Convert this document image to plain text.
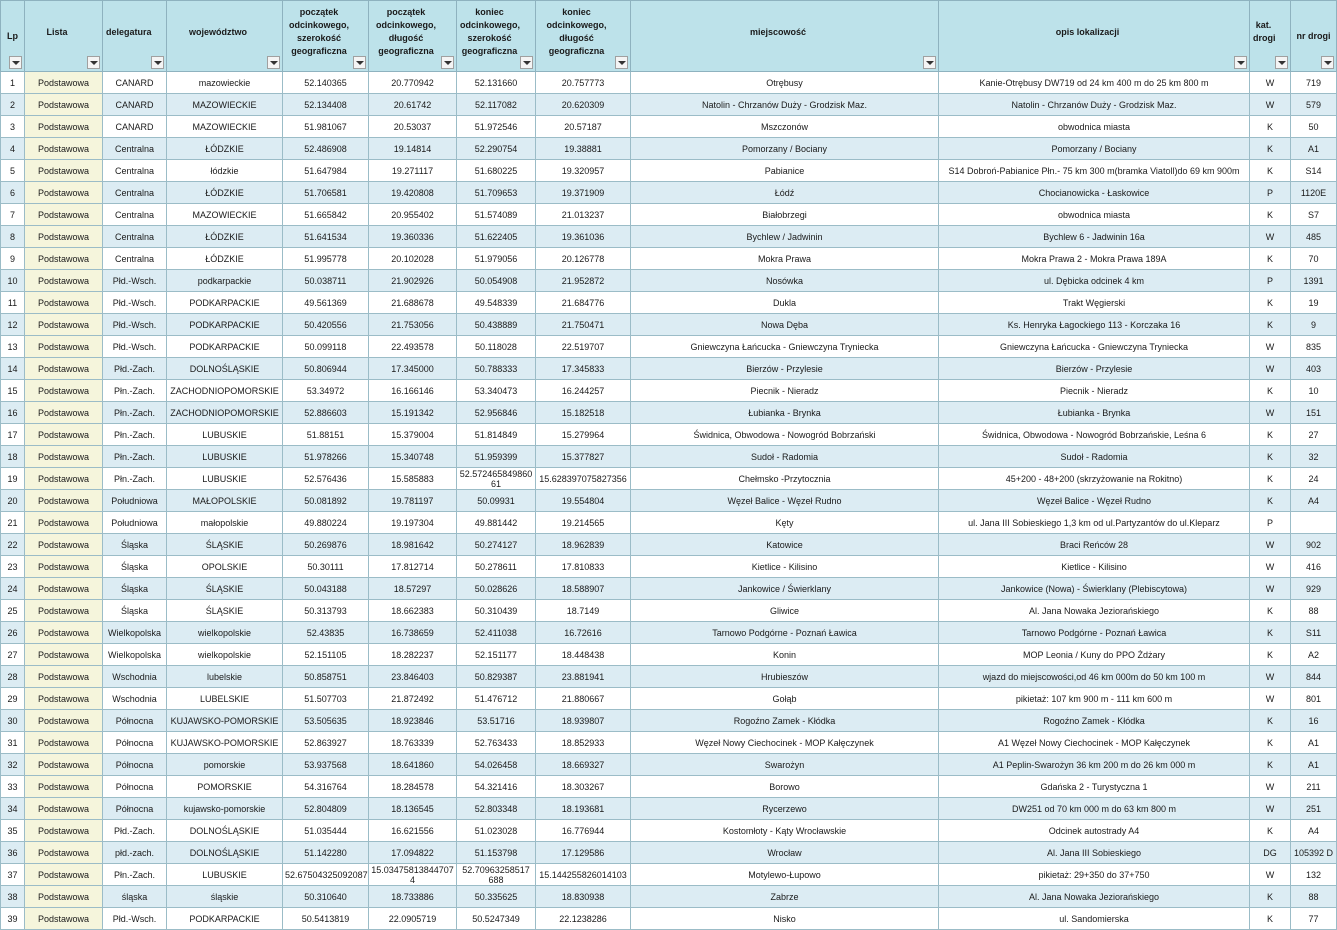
Lp	Lista	delegatura	województwo	początek odcinkowego, szerokość geograficzna	początek odcinkowego, długość geograficzna	koniec odcinkowego, szerokość geograficzna	koniec odcinkowego, długość geograficzna	miejscowość	opis lokalizacji	kat. drogi	nr drogi

1	Podstawowa	CANARD	mazowieckie	52.140365	20.770942	52.131660	20.757773	Otrębusy	Kanie-Otrębusy DW719 od 24 km 400 m do 25 km 800 m	W	719
2	Podstawowa	CANARD	MAZOWIECKIE	52.134408	20.61742	52.117082	20.620309	Natolin - Chrzanów Duży - Grodzisk Maz.	Natolin - Chrzanów Duży - Grodzisk Maz.	W	579
3	Podstawowa	CANARD	MAZOWIECKIE	51.981067	20.53037	51.972546	20.57187	Mszczonów	obwodnica miasta	K	50
4	Podstawowa	Centralna	ŁÓDZKIE	52.486908	19.14814	52.290754	19.38881	Pomorzany / Bociany	Pomorzany / Bociany	K	A1
5	Podstawowa	Centralna	łódzkie	51.647984	19.271117	51.680225	19.320957	Pabianice	S14 Dobroń-Pabianice Płn.- 75 km 300 m(bramka Viatoll)do 69 km 900m	K	S14
6	Podstawowa	Centralna	ŁÓDZKIE	51.706581	19.420808	51.709653	19.371909	Łódź	Chocianowicka - Łaskowice	P	1120E
7	Podstawowa	Centralna	MAZOWIECKIE	51.665842	20.955402	51.574089	21.013237	Białobrzegi	obwodnica miasta	K	S7
8	Podstawowa	Centralna	ŁÓDZKIE	51.641534	19.360336	51.622405	19.361036	Bychlew / Jadwinin	Bychlew 6 - Jadwinin 16a	W	485
9	Podstawowa	Centralna	ŁÓDZKIE	51.995778	20.102028	51.979056	20.126778	Mokra Prawa	Mokra Prawa 2 - Mokra Prawa 189A	K	70
10	Podstawowa	Płd.-Wsch.	podkarpackie	50.038711	21.902926	50.054908	21.952872	Nosówka	ul. Dębicka odcinek 4 km	P	1391
11	Podstawowa	Płd.-Wsch.	PODKARPACKIE	49.561369	21.688678	49.548339	21.684776	Dukla	Trakt Węgierski	K	19
12	Podstawowa	Płd.-Wsch.	PODKARPACKIE	50.420556	21.753056	50.438889	21.750471	Nowa Dęba	Ks. Henryka Łagockiego 113 - Korczaka 16	K	9
13	Podstawowa	Płd.-Wsch.	PODKARPACKIE	50.099118	22.493578	50.118028	22.519707	Gniewczyna Łańcucka - Gniewczyna Tryniecka	Gniewczyna Łańcucka - Gniewczyna Tryniecka	W	835
14	Podstawowa	Płd.-Zach.	DOLNOŚLĄSKIE	50.806944	17.345000	50.788333	17.345833	Bierzów - Przylesie	Bierzów - Przylesie	W	403
15	Podstawowa	Płn.-Zach.	ZACHODNIOPOMORSKIE	53.34972	16.166146	53.340473	16.244257	Piecnik - Nieradz	Piecnik - Nieradz	K	10
16	Podstawowa	Płn.-Zach.	ZACHODNIOPOMORSKIE	52.886603	15.191342	52.956846	15.182518	Łubianka - Brynka	Łubianka - Brynka	W	151
17	Podstawowa	Płn.-Zach.	LUBUSKIE	51.88151	15.379004	51.814849	15.279964	Świdnica, Obwodowa - Nowogród Bobrzański	Świdnica, Obwodowa - Nowogród Bobrzańskie, Leśna 6	K	27
18	Podstawowa	Płn.-Zach.	LUBUSKIE	51.978266	15.340748	51.959399	15.377827	Sudoł - Radomia	Sudoł - Radomia	K	32
19	Podstawowa	Płn.-Zach.	LUBUSKIE	52.576436	15.585883	52.572465849860 61	15.628397075827356	Chełmsko -Przytocznia	45+200 - 48+200 (skrzyżowanie na Rokitno)	K	24
20	Podstawowa	Południowa	MAŁOPOLSKIE	50.081892	19.781197	50.09931	19.554804	Węzeł Balice - Węzeł Rudno	Węzeł Balice - Węzeł Rudno	K	A4
21	Podstawowa	Południowa	małopolskie	49.880224	19.197304	49.881442	19.214565	Kęty	ul. Jana III Sobieskiego 1,3 km od ul.Partyzantów do ul.Kleparz	P	
22	Podstawowa	Śląska	ŚLĄSKIE	50.269876	18.981642	50.274127	18.962839	Katowice	Braci Reńców 28	W	902
23	Podstawowa	Śląska	OPOLSKIE	50.30111	17.812714	50.278611	17.810833	Kietlice - Kilisino	Kietlice - Kilisino	W	416
24	Podstawowa	Śląska	ŚLĄSKIE	50.043188	18.57297	50.028626	18.588907	Jankowice / Świerklany	Jankowice (Nowa) - Świerklany (Plebiscytowa)	W	929
25	Podstawowa	Śląska	ŚLĄSKIE	50.313793	18.662383	50.310439	18.7149	Gliwice	Al. Jana Nowaka Jeziorańskiego	K	88
26	Podstawowa	Wielkopolska	wielkopolskie	52.43835	16.738659	52.411038	16.72616	Tarnowo Podgórne - Poznań Ławica	Tarnowo Podgórne - Poznań Ławica	K	S11
27	Podstawowa	Wielkopolska	wielkopolskie	52.151105	18.282237	52.151177	18.448438	Konin	MOP Leonia / Kuny do PPO Żdżary	K	A2
28	Podstawowa	Wschodnia	lubelskie	50.858751	23.846403	50.829387	23.881941	Hrubieszów	wjazd do miejscowości,od 46 km 000m do 50 km 100 m	W	844
29	Podstawowa	Wschodnia	LUBELSKIE	51.507703	21.872492	51.476712	21.880667	Gołąb	pikietaż: 107 km 900 m - 111 km 600 m	W	801
30	Podstawowa	Północna	KUJAWSKO-POMORSKIE	53.505635	18.923846	53.51716	18.939807	Rogoźno Zamek - Kłódka	Rogoźno Zamek - Kłódka	K	16
31	Podstawowa	Północna	KUJAWSKO-POMORSKIE	52.863927	18.763339	52.763433	18.852933	Węzeł Nowy Ciechocinek - MOP Kałęczynek	A1 Węzeł Nowy Ciechocinek - MOP Kałęczynek	K	A1
32	Podstawowa	Północna	pomorskie	53.937568	18.641860	54.026458	18.669327	Swarożyn	A1 Peplin-Swarożyn 36 km 200 m do 26 km 000 m	K	A1
33	Podstawowa	Północna	POMORSKIE	54.316764	18.284578	54.321416	18.303267	Borowo	Gdańska 2 - Turystyczna 1	W	211
34	Podstawowa	Północna	kujawsko-pomorskie	52.804809	18.136545	52.803348	18.193681	Rycerzewo	DW251 od 70 km 000 m do 63 km 800 m	W	251
35	Podstawowa	Płd.-Zach.	DOLNOŚLĄSKIE	51.035444	16.621556	51.023028	16.776944	Kostomłoty - Kąty Wrocławskie	Odcinek autostrady A4	K	A4
36	Podstawowa	płd.-zach.	DOLNOŚLĄSKIE	51.142280	17.094822	51.153798	17.129586	Wrocław	Al. Jana III Sobieskiego	DG	105392 D
37	Podstawowa	Płn.-Zach.	LUBUSKIE	52.67504325092087	15.03475813844707 4	52.70963258517 688	15.144255826014103	Motylewo-Łupowo	pikietaż: 29+350 do 37+750	W	132
38	Podstawowa	śląska	śląskie	50.310640	18.733886	50.335625	18.830938	Zabrze	Al. Jana Nowaka Jeziorańskiego	K	88
39	Podstawowa	Płd.-Wsch.	PODKARPACKIE	50.5413819	22.0905719	50.5247349	22.1238286	Nisko	ul. Sandomierska	K	77
